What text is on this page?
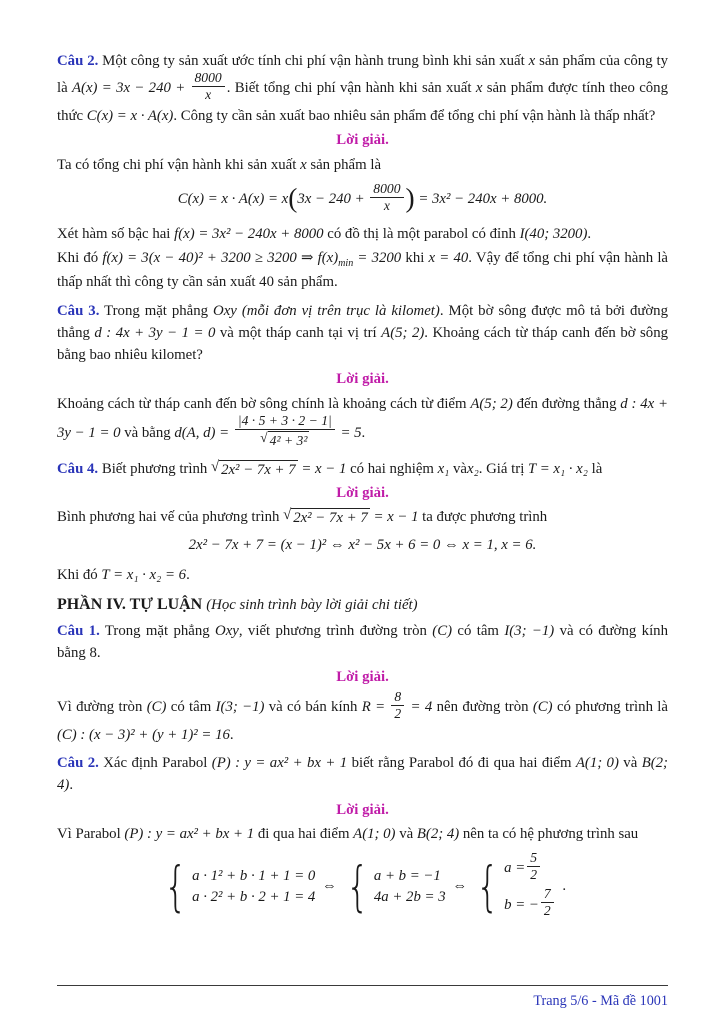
Câu 2. Một công ty sản xuất ước tính chi phí vận hành trung bình khi sản xuất x sản phẩm của công ty là $A(x) = 3x - 240 + \frac{8000}{x}$ . Biết tổng chi phí vận hành khi sản xuất x sản phẩm được tính theo công thức C(x) = x · A(x). Công ty cần sản xuất bao nhiêu sản phẩm để tổng chi phí vận hành là thấp nhất?

Lời giải.

Ta có tổng chi phí vận hành khi sản xuất x sản phẩm là

$C(x) = x \cdot A(x) = x(3x - 240 + \frac{8000}{x}$ ) = 3x² − 240x + 8000.

Xét hàm số bậc hai f(x) = 3x² − 240x + 8000 có đồ thị là một parabol có đỉnh I(40; 3200).

Khi đó f(x) = 3(x − 40)² + 3200 ≥ 3200 ⇒ $f(x)_{min} = 3200$ khi x = 40. Vậy để tổng chi phí vận hành là thấp nhất thì công ty cần sản xuất 40 sản phẩm.

Câu 3. Trong mặt phẳng Oxy (mỗi đơn vị trên trục là kilomet). Một bờ sông được mô tả bởi đường thẳng d : 4x + 3y − 1 = 0 và một tháp canh tại vị trí A(5; 2). Khoảng cách từ tháp canh đến bờ sông bằng bao nhiêu kilomet?

Lời giải.

Khoảng cách từ tháp canh đến bờ sông chính là khoảng cách từ điểm A(5; 2) đến đường thẳng d : 4x + 3y − 1 = 0 và bằng d(A, $d) = \frac{|4 \cdot 5 + 3 \cdot 2 - 1|}{\text{√ 4² + 3²}} = 5$.

Câu 4. Biết phương trình √ 2x² − 7x + 7 = x − 1 có hai nghiệm x₁ vàx₂. Giá trị T = x₁ · x₂ là

Lời giải.

Bình phương hai vế của phương trình √ 2x² − 7x + 7 = x − 1 ta được phương trình

2x² − 7x + 7 = (x − 1)² ⇔ x² − 5x + 6 = 0 ⇔ x = 1, x = 6.

Khi đó T = x₁ · x₂ = 6.

PHẦN IV. TỰ LUẬN (Học sinh trình bày lời giải chi tiết)

Câu 1. Trong mặt phẳng Oxy, viết phương trình đường tròn (C) có tâm I(3; −1) và có đường kính bằng 8.

Lời giải.

Vì đường tròn (C) có tâm I(3; −1) và có bán kính $R = \frac{8}{2} = 4$ nên đường tròn (C) có phương trình là (C) : (x − 3)² + (y + 1)² = 16.

Câu 2. Xác định Parabol (P) : y = ax² + bx + 1 biết rằng Parabol đó đi qua hai điểm A(1; 0) và B(2; 4).

Lời giải.

Vì Parabol (P) : y = ax² + bx + 1 đi qua hai điểm A(1; 0) và B(2; 4) nên ta có hệ phương trình sau

{ a · 1² + b · 1 + 1 = 0
a · 2² + b · 2 + 1 = 4
⇔ { a + b = −1
4a + 2b = 3
⇔ { $a = \frac{5}{2}$
b = − $\frac{7}{2}$
.

Trang 5/6 - Mã đề 1001
